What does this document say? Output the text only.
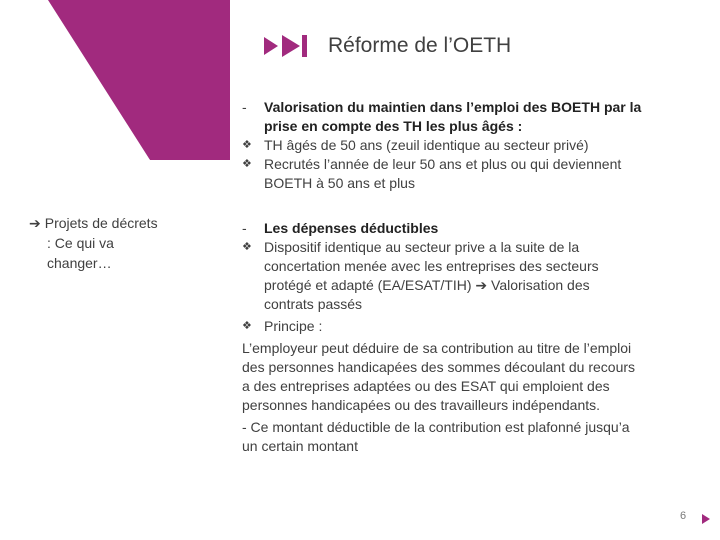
Réforme de l’OETH
➔ Projets de décrets
: Ce qui va
changer…
-	Valorisation du maintien dans l’emploi des BOETH par la
prise en compte des TH les plus âgés :
❖ TH âgés de 50 ans (zeuil identique au secteur privé)
❖ Recrutés l’année de leur 50 ans et plus ou qui deviennent
BOETH à 50 ans et plus
-	Les dépenses déductibles
❖ Dispositif identique au secteur prive a la suite de la
concertation menée avec les entreprises des secteurs
protégé et adapté (EA/ESAT/TIH) ➔ Valorisation des
contrats passés
❖ Principe :
L’employeur peut déduire de sa contribution au titre de l’emploi
des personnes handicapées des sommes découlant du recours
a des entreprises adaptées ou des ESAT qui emploient des
personnes handicapées ou des travailleurs indépendants.
- Ce montant déductible de la contribution est plafonné jusqu’a
un certain montant
6
